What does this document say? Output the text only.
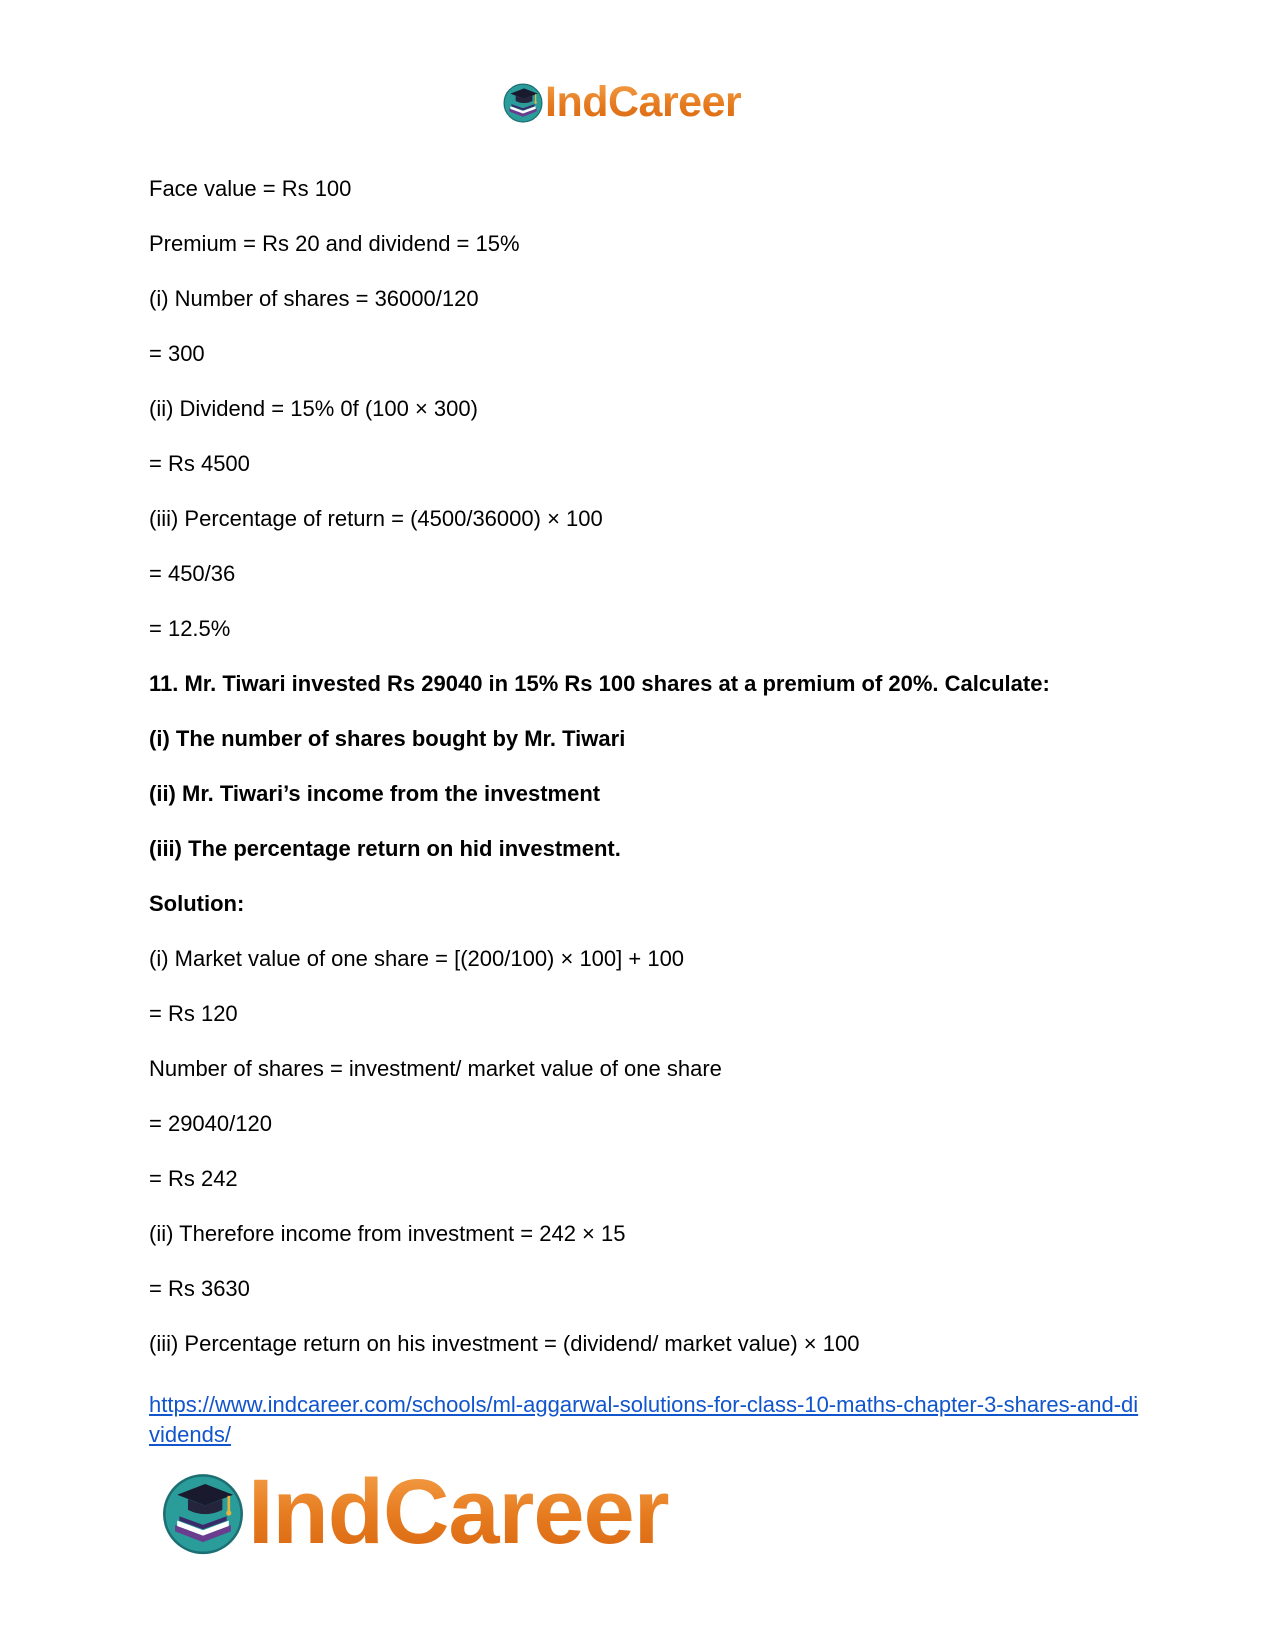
IndCareer
Face value = Rs 100
Premium = Rs 20 and dividend = 15%
(i) Number of shares = 36000/120
= 300
(ii) Dividend = 15% 0f (100 × 300)
= Rs 4500
(iii) Percentage of return = (4500/36000) × 100
= 450/36
= 12.5%
11. Mr. Tiwari invested Rs 29040 in 15% Rs 100 shares at a premium of 20%. Calculate:
(i) The number of shares bought by Mr. Tiwari
(ii) Mr. Tiwari’s income from the investment
(iii) The percentage return on hid investment.
Solution:
(i) Market value of one share = [(200/100) × 100] + 100
= Rs 120
Number of shares = investment/ market value of one share
= 29040/120
= Rs 242
(ii) Therefore income from investment = 242 × 15
= Rs 3630
(iii) Percentage return on his investment = (dividend/ market value) × 100
https://www.indcareer.com/schools/ml-aggarwal-solutions-for-class-10-maths-chapter-3-shares-and-dividends/
IndCareer
